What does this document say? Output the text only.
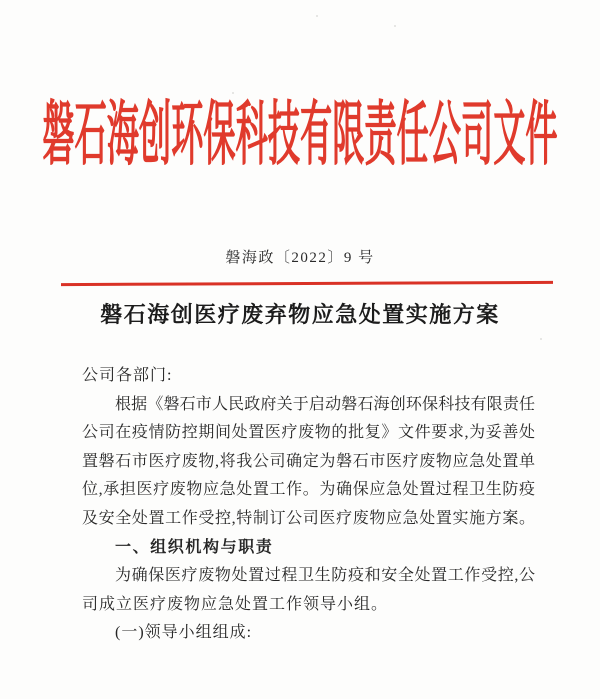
磐石海创环保科技有限责任公司文件
磐海政〔2022〕9 号
磐石海创医疗废弃物应急处置实施方案
公司各部门:
根据《磐石市人民政府关于启动磐石海创环保科技有限责任
公司在疫情防控期间处置医疗废物的批复》文件要求,为妥善处
置磐石市医疗废物,将我公司确定为磐石市医疗废物应急处置单
位,承担医疗废物应急处置工作。为确保应急处置过程卫生防疫
及安全处置工作受控,特制订公司医疗废物应急处置实施方案。
一、组织机构与职责
为确保医疗废物处置过程卫生防疫和安全处置工作受控,公
司成立医疗废物应急处置工作领导小组。
(一)领导小组组成:
